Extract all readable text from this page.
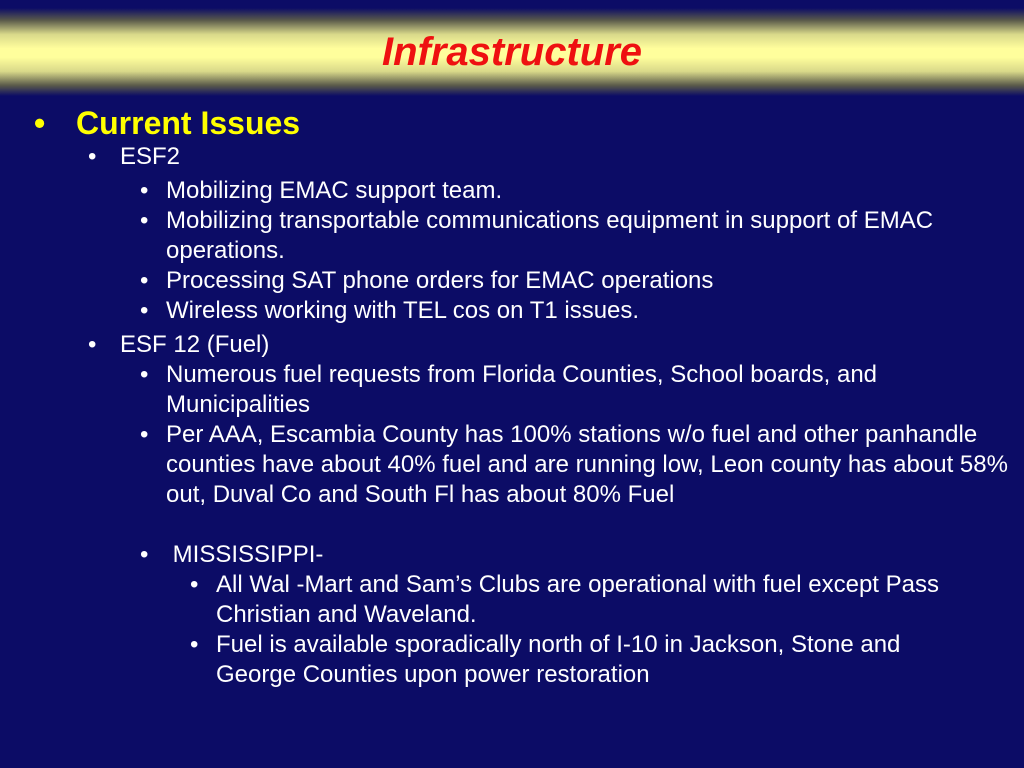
Infrastructure
• Current Issues
• ESF2
• Mobilizing EMAC support team.
• Mobilizing transportable communications equipment in support of EMAC operations.
• Processing SAT phone orders for EMAC operations
• Wireless working with TEL cos on T1 issues.
• ESF 12 (Fuel)
• Numerous fuel requests from Florida Counties, School boards, and Municipalities
• Per AAA, Escambia County has 100% stations w/o fuel and other panhandle counties have about 40% fuel and are running low, Leon county has about 58% out, Duval Co and South Fl has about 80% Fuel
• MISSISSIPPI-
• All Wal -Mart and Sam’s Clubs are operational with fuel except Pass Christian and Waveland.
• Fuel is available sporadically north of I-10 in Jackson, Stone and George Counties upon power restoration
